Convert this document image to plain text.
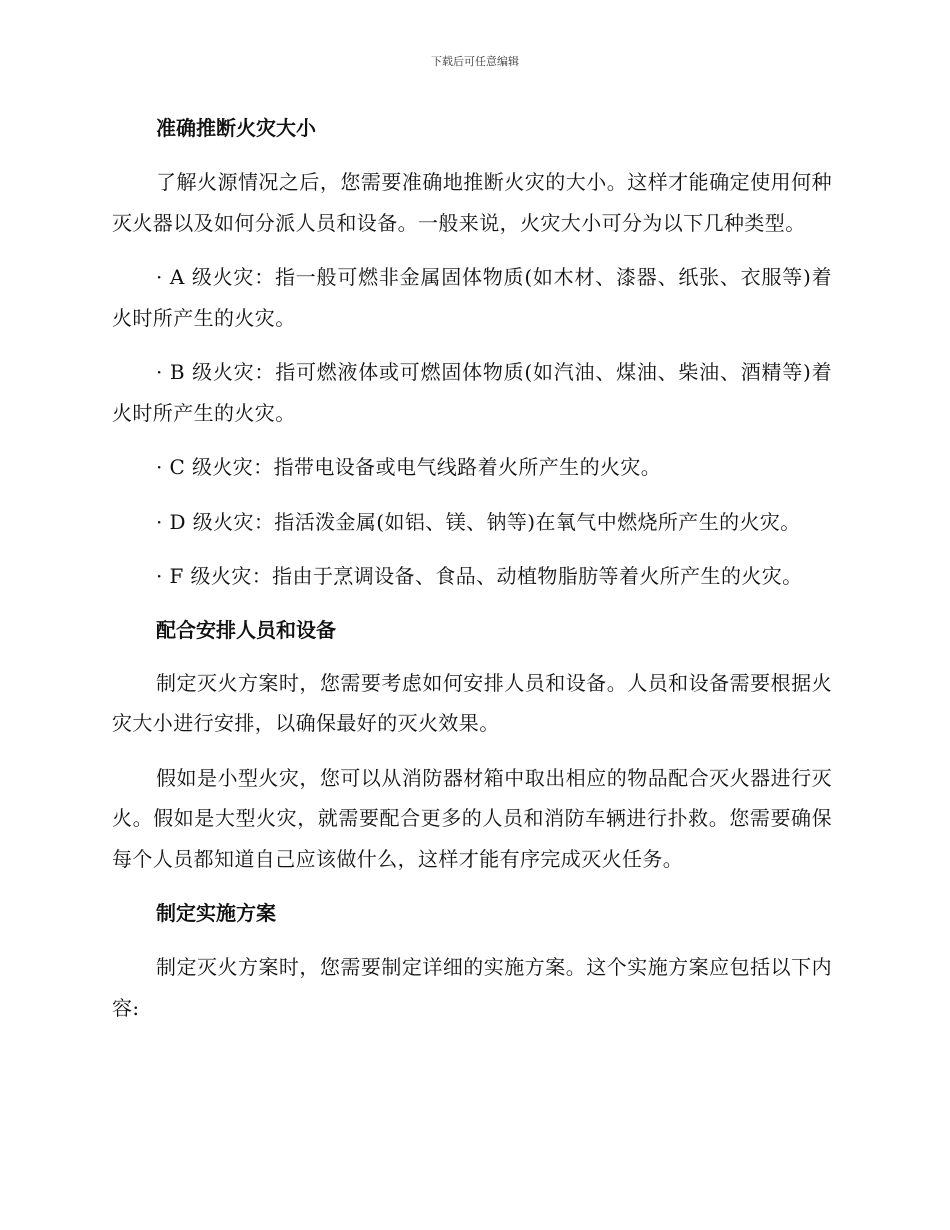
下载后可任意编辑
准确推断火灾大小

了解火源情况之后，您需要准确地推断火灾的大小。这样才能确定使用何种灭火器以及如何分派人员和设备。一般来说，火灾大小可分为以下几种类型。

· A 级火灾：指一般可燃非金属固体物质(如木材、漆器、纸张、衣服等)着火时所产生的火灾。

· B 级火灾：指可燃液体或可燃固体物质(如汽油、煤油、柴油、酒精等)着火时所产生的火灾。

· C 级火灾：指带电设备或电气线路着火所产生的火灾。

· D 级火灾：指活泼金属(如铝、镁、钠等)在氧气中燃烧所产生的火灾。

· F 级火灾：指由于烹调设备、食品、动植物脂肪等着火所产生的火灾。

配合安排人员和设备

制定灭火方案时，您需要考虑如何安排人员和设备。人员和设备需要根据火灾大小进行安排，以确保最好的灭火效果。

假如是小型火灾，您可以从消防器材箱中取出相应的物品配合灭火器进行灭火。假如是大型火灾，就需要配合更多的人员和消防车辆进行扑救。您需要确保每个人员都知道自己应该做什么，这样才能有序完成灭火任务。

制定实施方案

制定灭火方案时，您需要制定详细的实施方案。这个实施方案应包括以下内容:
